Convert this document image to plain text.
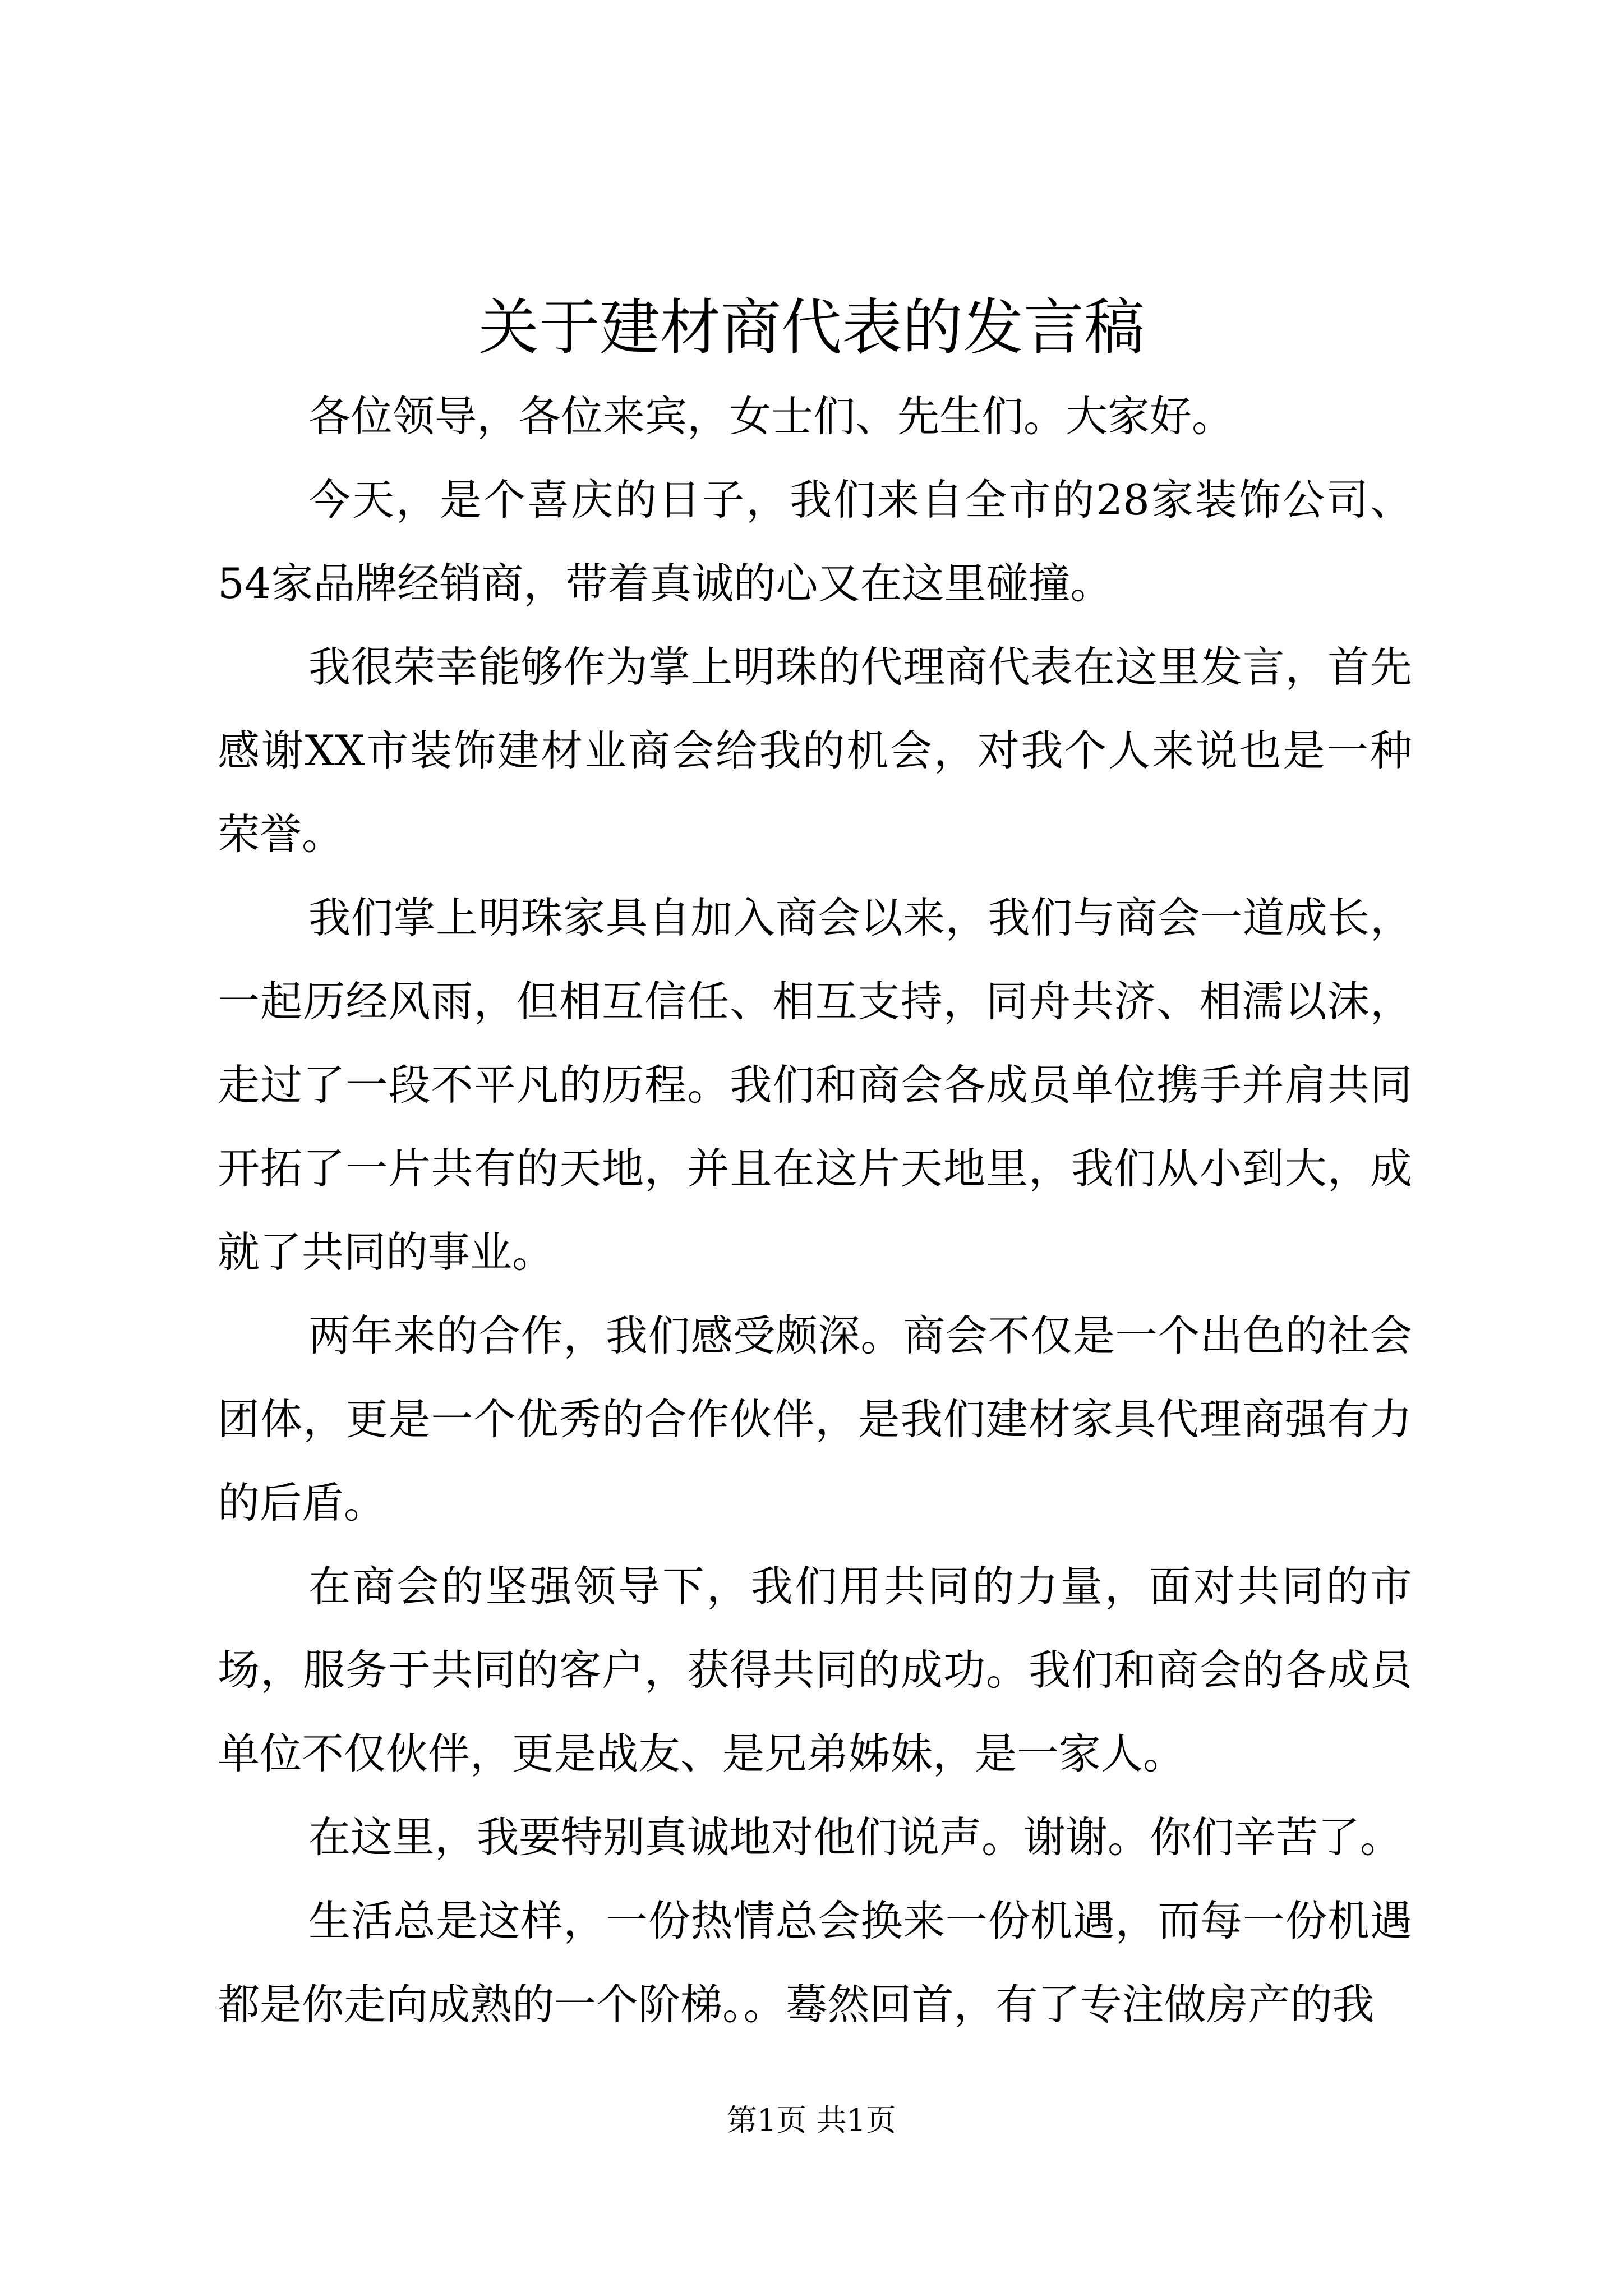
关于建材商代表的发言稿

各位领导，各位来宾，女士们、先生们。大家好。

今天，是个喜庆的日子，我们来自全市的28家装饰公司、54家品牌经销商，带着真诚的心又在这里碰撞。

我很荣幸能够作为掌上明珠的代理商代表在这里发言，首先感谢XX市装饰建材业商会给我的机会，对我个人来说也是一种荣誉。

我们掌上明珠家具自加入商会以来，我们与商会一道成长，一起历经风雨，但相互信任、相互支持，同舟共济、相濡以沫，走过了一段不平凡的历程。我们和商会各成员单位携手并肩共同开拓了一片共有的天地，并且在这片天地里，我们从小到大，成就了共同的事业。

两年来的合作，我们感受颇深。商会不仅是一个出色的社会团体，更是一个优秀的合作伙伴，是我们建材家具代理商强有力的后盾。

在商会的坚强领导下，我们用共同的力量，面对共同的市场，服务于共同的客户，获得共同的成功。我们和商会的各成员单位不仅伙伴，更是战友、是兄弟姊妹，是一家人。

在这里，我要特别真诚地对他们说声。谢谢。你们辛苦了。

生活总是这样，一份热情总会换来一份机遇，而每一份机遇都是你走向成熟的一个阶梯。。蓦然回首，有了专注做房产的我

第1页 共1页
